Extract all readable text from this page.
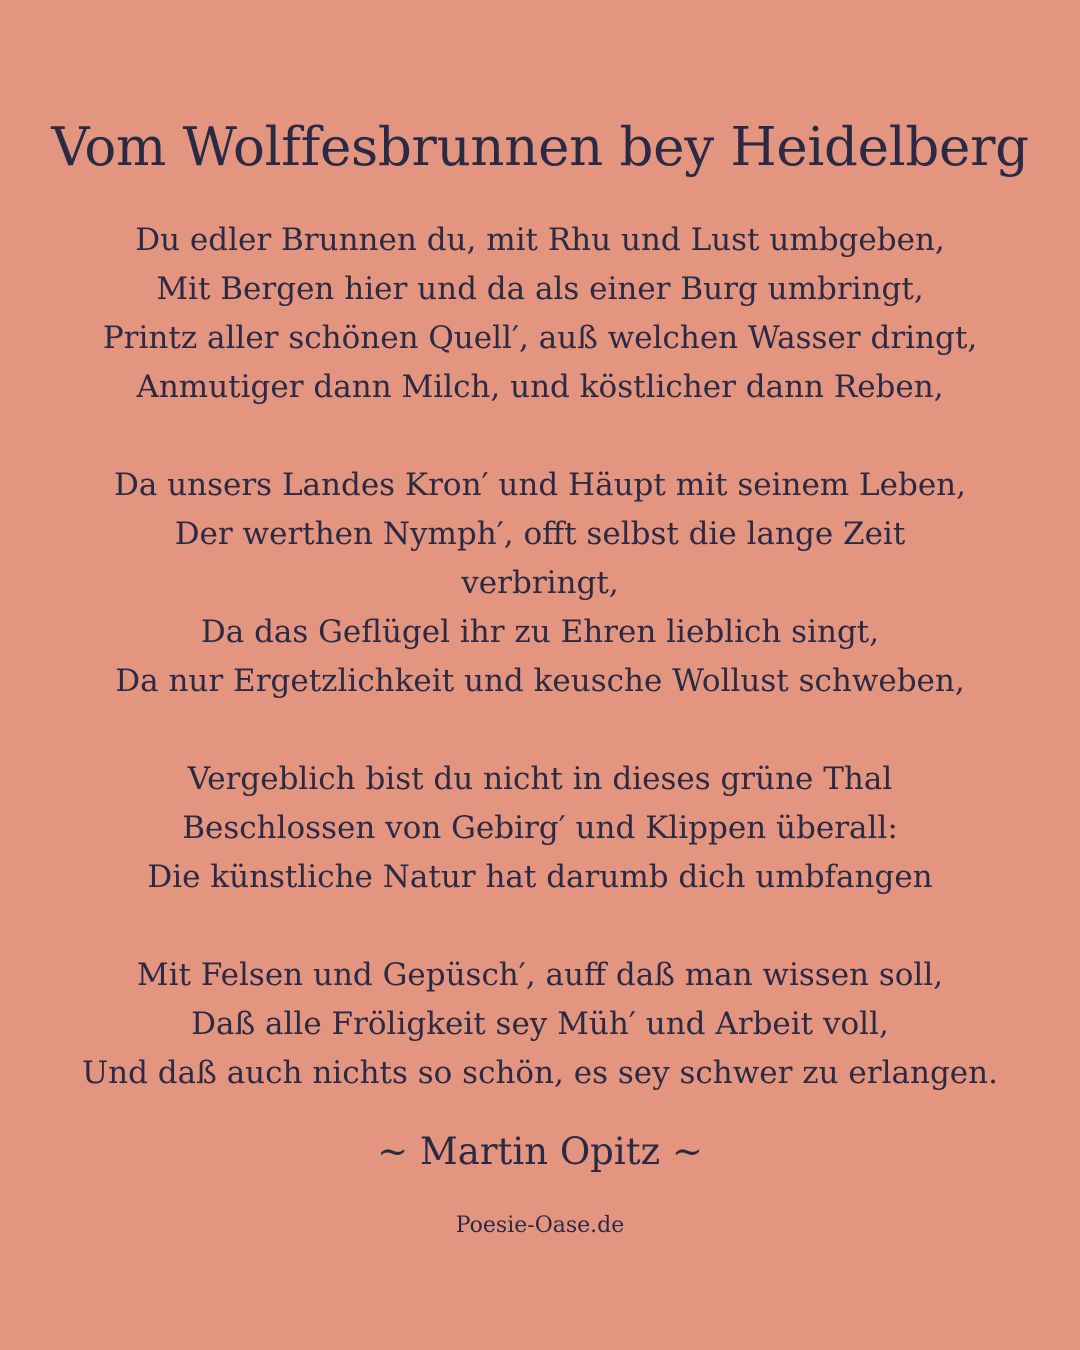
Vom Wolffesbrunnen bey Heidelberg
Du edler Brunnen du, mit Rhu und Lust umbgeben,
Mit Bergen hier und da als einer Burg umbringt,
Printz aller schönen Quell′, auß welchen Wasser dringt,
Anmutiger dann Milch, und köstlicher dann Reben,
Da unsers Landes Kron′ und Häupt mit seinem Leben,
Der werthen Nymph′, offt selbst die lange Zeit
verbringt,
Da das Geflügel ihr zu Ehren lieblich singt,
Da nur Ergetzlichkeit und keusche Wollust schweben,
Vergeblich bist du nicht in dieses grüne Thal
Beschlossen von Gebirg′ und Klippen überall:
Die künstliche Natur hat darumb dich umbfangen
Mit Felsen und Gepüsch′, auff daß man wissen soll,
Daß alle Fröligkeit sey Müh′ und Arbeit voll,
Und daß auch nichts so schön, es sey schwer zu erlangen.
~ Martin Opitz ~
Poesie-Oase.de
